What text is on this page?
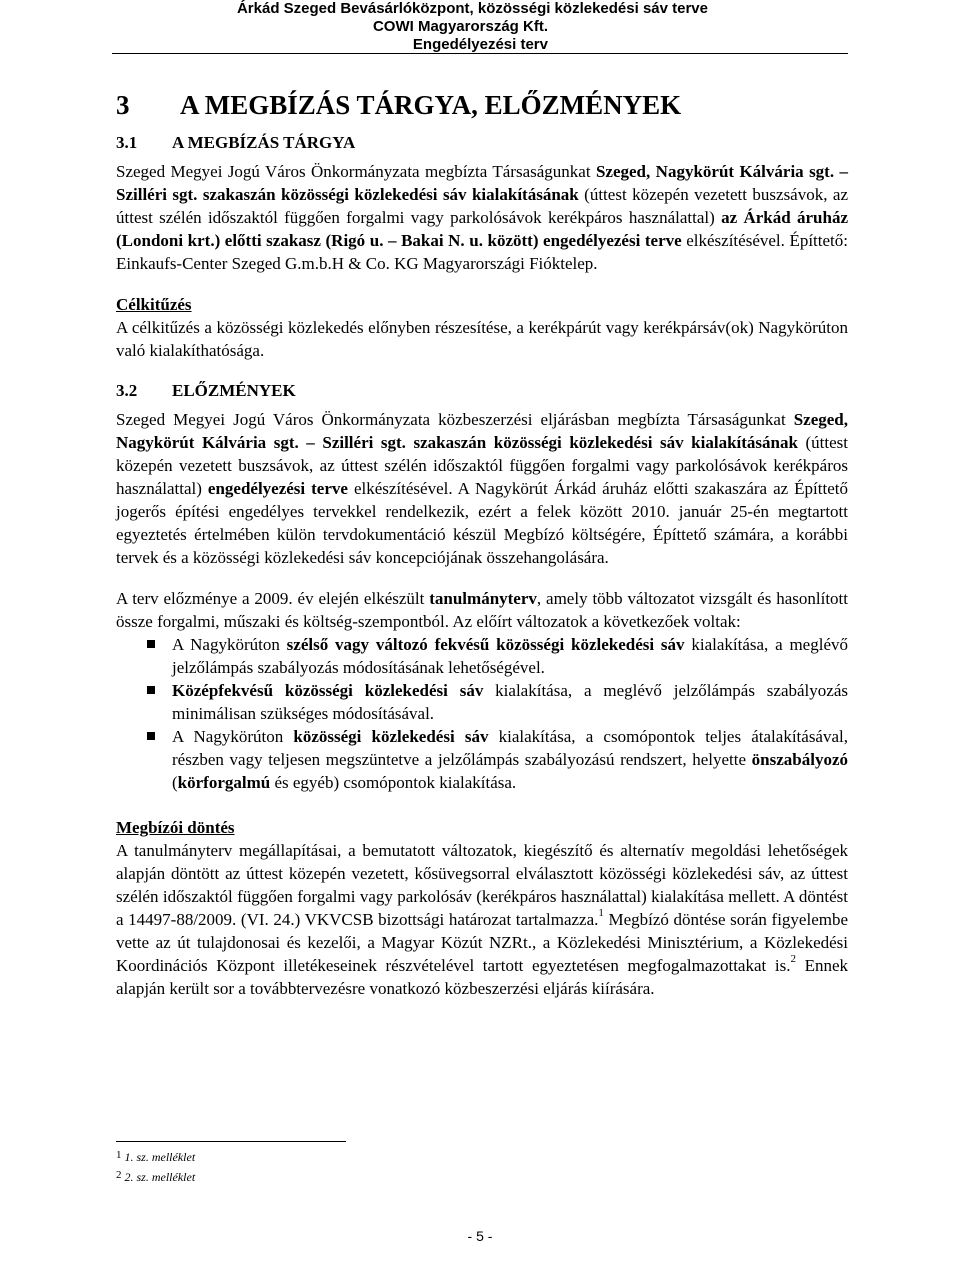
Árkád Szeged Bevásárlóközpont, közösségi közlekedési sáv terve
COWI Magyarország Kft.
Engedélyezési terv
3 A MEGBÍZÁS TÁRGYA, ELŐZMÉNYEK
3.1 A MEGBÍZÁS TÁRGYA

Szeged Megyei Jogú Város Önkormányzata megbízta Társaságunkat Szeged, Nagykörút Kálvária sgt. – Szilléri sgt. szakaszán közösségi közlekedési sáv kialakításának (úttest közepén vezetett buszsávok, az úttest szélén időszaktól függően forgalmi vagy parkolósávok kerékpáros használattal) az Árkád áruház (Londoni krt.) előtti szakasz (Rigó u. – Bakai N. u. között) engedélyezési terve elkészítésével. Építtető: Einkaufs-Center Szeged G.m.b.H & Co. KG Magyarországi Fióktelep.

Célkitűzés

A célkitűzés a közösségi közlekedés előnyben részesítése, a kerékpárút vagy kerékpársáv(ok) Nagykörúton való kialakíthatósága.

3.2 ELŐZMÉNYEK

Szeged Megyei Jogú Város Önkormányzata közbeszerzési eljárásban megbízta Társaságunkat Szeged, Nagykörút Kálvária sgt. – Szilléri sgt. szakaszán közösségi közlekedési sáv kialakításának (úttest közepén vezetett buszsávok, az úttest szélén időszaktól függően forgalmi vagy parkolósávok kerékpáros használattal) engedélyezési terve elkészítésével. A Nagykörút Árkád áruház előtti szakaszára az Építtető jogerős építési engedélyes tervekkel rendelkezik, ezért a felek között 2010. január 25-én megtartott egyeztetés értelmében külön tervdokumentáció készül Megbízó költségére, Építtető számára, a korábbi tervek és a közösségi közlekedési sáv koncepciójának összehangolására.

A terv előzménye a 2009. év elején elkészült tanulmányterv, amely több változatot vizsgált és hasonlított össze forgalmi, műszaki és költség-szempontból. Az előírt változatok a következőek voltak:

A Nagykörúton szélső vagy változó fekvésű közösségi közlekedési sáv kialakítása, a meglévő jelzőlámpás szabályozás módosításának lehetőségével.
Középfekvésű közösségi közlekedési sáv kialakítása, a meglévő jelzőlámpás szabályozás minimálisan szükséges módosításával.
A Nagykörúton közösségi közlekedési sáv kialakítása, a csomópontok teljes átalakításával, részben vagy teljesen megszüntetve a jelzőlámpás szabályozású rendszert, helyette önszabályozó (körforgalmú és egyéb) csomópontok kialakítása.
Megbízói döntés

A tanulmányterv megállapításai, a bemutatott változatok, kiegészítő és alternatív megoldási lehetőségek alapján döntött az úttest közepén vezetett, kősüvegsorral elválasztott közösségi közlekedési sáv, az úttest szélén időszaktól függően forgalmi vagy parkolósáv (kerékpáros használattal) kialakítása mellett. A döntést a 14497-88/2009. (VI. 24.) VKVCSB bizottsági határozat tartalmazza.$^1$ Megbízó döntése során figyelembe vette az út tulajdonosai és kezelői, a Magyar Közút NZRt., a Közlekedési Minisztérium, a Közlekedési Koordinációs Központ illetékeseinek részvételével tartott egyeztetésen megfogalmazottakat is.$^2$ Ennek alapján került sor a továbbtervezésre vonatkozó közbeszerzési eljárás kiírására.

1 1. sz. melléklet
2 2. sz. melléklet
- 5 -
